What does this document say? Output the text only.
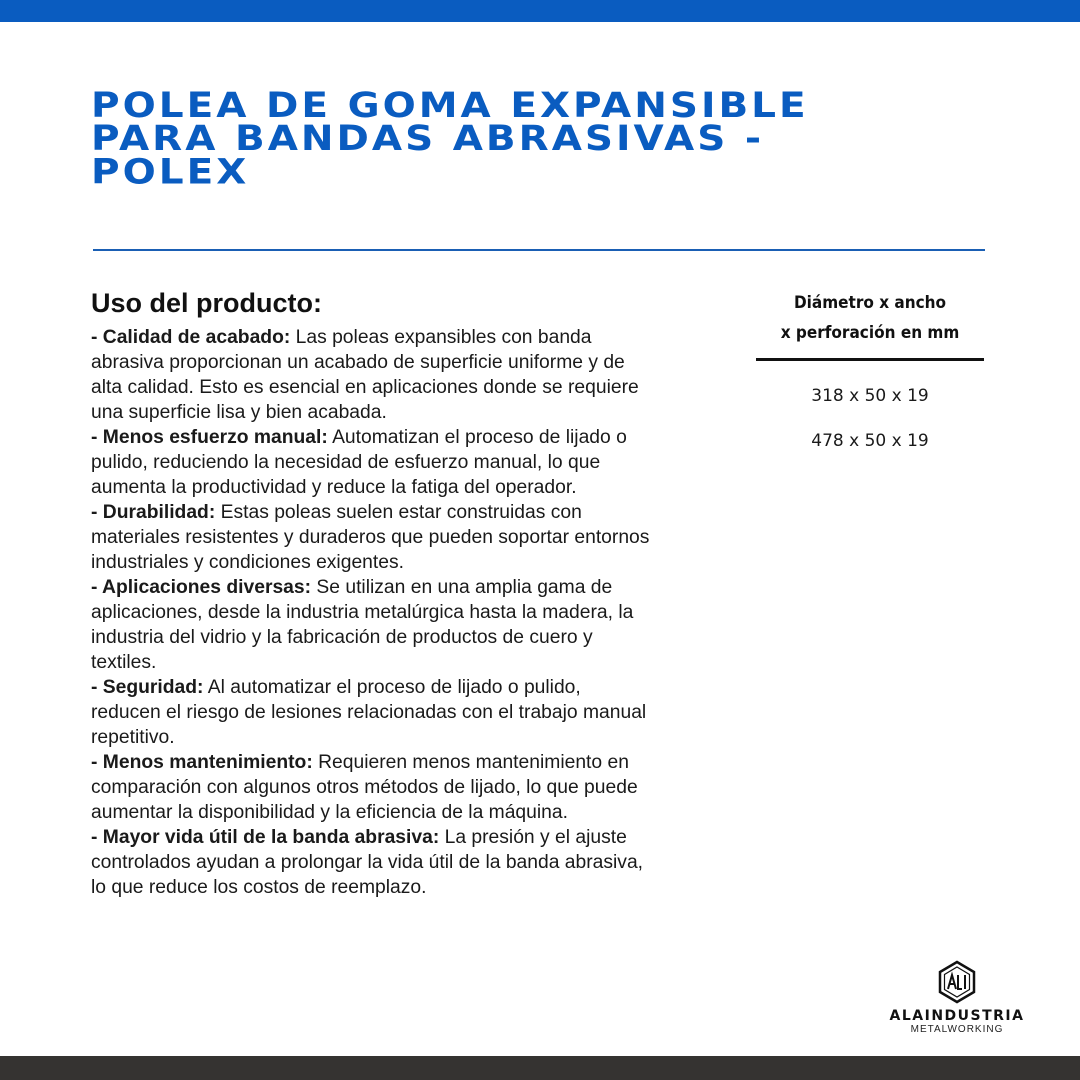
POLEA DE GOMA EXPANSIBLE
PARA BANDAS ABRASIVAS -
POLEX
Uso del producto:

- Calidad de acabado: Las poleas expansibles con banda abrasiva proporcionan un acabado de superficie uniforme y de alta calidad. Esto es esencial en aplicaciones donde se requiere una superficie lisa y bien acabada.

- Menos esfuerzo manual: Automatizan el proceso de lijado o pulido, reduciendo la necesidad de esfuerzo manual, lo que aumenta la productividad y reduce la fatiga del operador.

- Durabilidad: Estas poleas suelen estar construidas con materiales resistentes y duraderos que pueden soportar entornos industriales y condiciones exigentes.

- Aplicaciones diversas: Se utilizan en una amplia gama de aplicaciones, desde la industria metalúrgica hasta la madera, la industria del vidrio y la fabricación de productos de cuero y textiles.

- Seguridad: Al automatizar el proceso de lijado o pulido, reducen el riesgo de lesiones relacionadas con el trabajo manual repetitivo.

- Menos mantenimiento: Requieren menos mantenimiento en comparación con algunos otros métodos de lijado, lo que puede aumentar la disponibilidad y la eficiencia de la máquina.

- Mayor vida útil de la banda abrasiva: La presión y el ajuste controlados ayudan a prolongar la vida útil de la banda abrasiva, lo que reduce los costos de reemplazo.

Diámetro x ancho
x perforación en mm
318 x 50 x 19
478 x 50 x 19
ALAINDUSTRIA
METALWORKING
